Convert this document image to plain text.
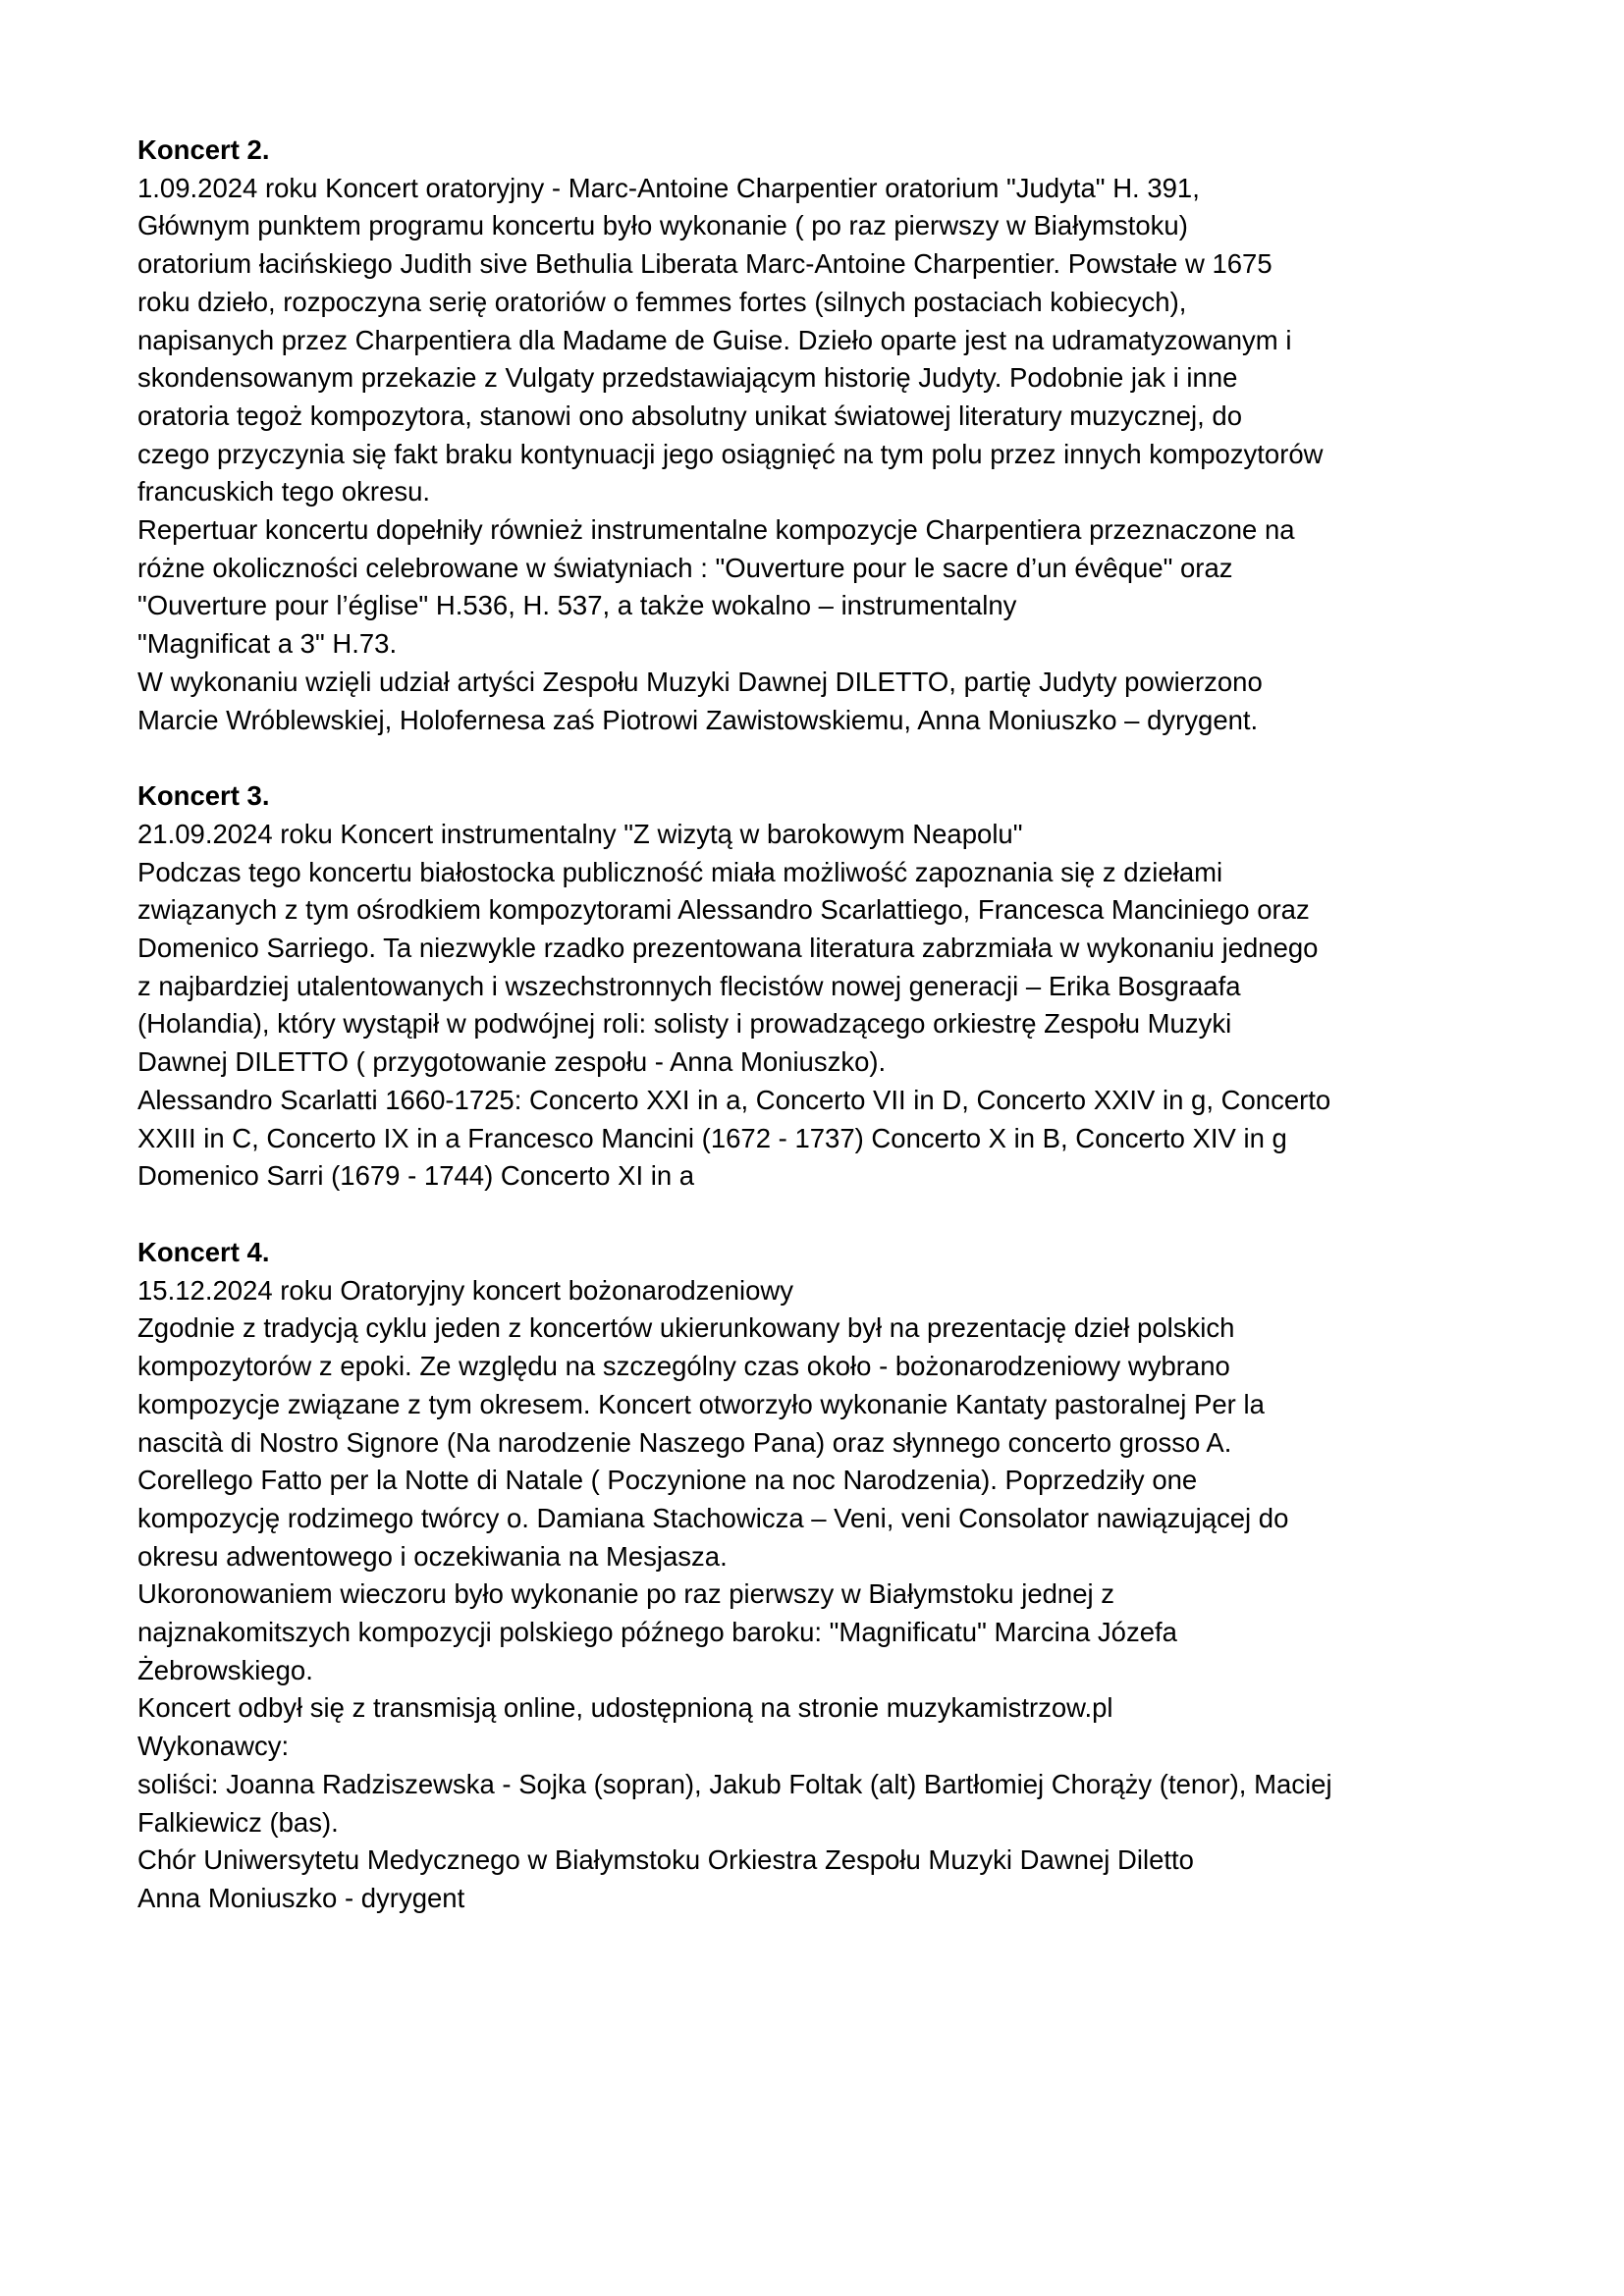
Koncert 2.
1.09.2024 roku Koncert oratoryjny - Marc-Antoine Charpentier oratorium "Judyta" H. 391,
Głównym punktem programu koncertu było wykonanie ( po raz pierwszy w Białymstoku)
oratorium łacińskiego Judith sive Bethulia Liberata Marc-Antoine Charpentier. Powstałe w 1675
roku dzieło, rozpoczyna serię oratoriów o femmes fortes (silnych postaciach kobiecych),
napisanych przez Charpentiera dla Madame de Guise. Dzieło oparte jest na udramatyzowanym i
skondensowanym przekazie z Vulgaty przedstawiającym historię Judyty. Podobnie jak i inne
oratoria tegoż kompozytora, stanowi ono absolutny unikat światowej literatury muzycznej, do
czego przyczynia się fakt braku kontynuacji jego osiągnięć na tym polu przez innych kompozytorów
francuskich tego okresu.
Repertuar koncertu dopełniły również instrumentalne kompozycje Charpentiera przeznaczone na
różne okoliczności celebrowane w światyniach : "Ouverture pour le sacre d’un évêque" oraz
"Ouverture pour l’église" H.536, H. 537, a także wokalno – instrumentalny
"Magnificat a 3" H.73.
W wykonaniu wzięli udział artyści Zespołu Muzyki Dawnej DILETTO, partię Judyty powierzono
Marcie Wróblewskiej, Holofernesa zaś Piotrowi Zawistowskiemu, Anna Moniuszko – dyrygent.
Koncert 3.
21.09.2024 roku Koncert instrumentalny "Z wizytą w barokowym Neapolu"
Podczas tego koncertu białostocka publiczność miała możliwość zapoznania się z dziełami
związanych z tym ośrodkiem kompozytorami Alessandro Scarlattiego, Francesca Manciniego oraz
Domenico Sarriego. Ta niezwykle rzadko prezentowana literatura zabrzmiała w wykonaniu jednego
z najbardziej utalentowanych i wszechstronnych flecistów nowej generacji – Erika Bosgraafa
(Holandia), który wystąpił w podwójnej roli: solisty i prowadzącego orkiestrę Zespołu Muzyki
Dawnej DILETTO ( przygotowanie zespołu - Anna Moniuszko).
Alessandro Scarlatti 1660-1725: Concerto XXI in a, Concerto VII in D, Concerto XXIV in g, Concerto
XXIII in C, Concerto IX in a Francesco Mancini (1672 - 1737) Concerto X in B, Concerto XIV in g
Domenico Sarri (1679 - 1744) Concerto XI in a
Koncert 4.
15.12.2024 roku Oratoryjny koncert bożonarodzeniowy
Zgodnie z tradycją cyklu jeden z koncertów ukierunkowany był na prezentację dzieł polskich
kompozytorów z epoki. Ze względu na szczególny czas około - bożonarodzeniowy wybrano
kompozycje związane z tym okresem. Koncert otworzyło wykonanie Kantaty pastoralnej Per la
nascità di Nostro Signore (Na narodzenie Naszego Pana) oraz słynnego concerto grosso A.
Corellego Fatto per la Notte di Natale ( Poczynione na noc Narodzenia). Poprzedziły one
kompozycję rodzimego twórcy o. Damiana Stachowicza – Veni, veni Consolator nawiązującej do
okresu adwentowego i oczekiwania na Mesjasza.
Ukoronowaniem wieczoru było wykonanie po raz pierwszy w Białymstoku jednej z
najznakomitszych kompozycji polskiego późnego baroku: "Magnificatu" Marcina Józefa
Żebrowskiego.
Koncert odbył się z transmisją online, udostępnioną na stronie muzykamistrzow.pl
Wykonawcy:
soliści: Joanna Radziszewska - Sojka (sopran), Jakub Foltak (alt) Bartłomiej Chorąży (tenor), Maciej
Falkiewicz (bas).
Chór Uniwersytetu Medycznego w Białymstoku Orkiestra Zespołu Muzyki Dawnej Diletto
Anna Moniuszko - dyrygent
